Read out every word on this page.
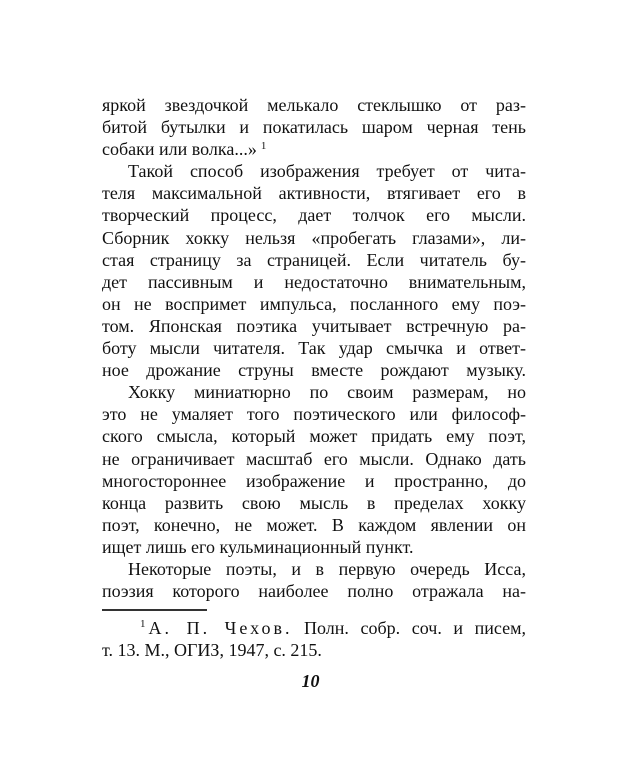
яркой звездочкой мелькало стеклышко от раз-
битой бутылки и покатилась шаром черная тень
собаки или волка...» $^1$
Такой способ изображения требует от чита-
теля максимальной активности, втягивает его в
творческий процесс, дает толчок его мысли.
Сборник хокку нельзя «пробегать глазами», ли-
стая страницу за страницей. Если читатель бу-
дет пассивным и недостаточно внимательным,
он не воспримет импульса, посланного ему поэ-
том. Японская поэтика учитывает встречную ра-
боту мысли читателя. Так удар смычка и ответ-
ное дрожание струны вместе рождают музыку.
Хокку миниатюрно по своим размерам, но
это не умаляет того поэтического или философ-
ского смысла, который может придать ему поэт,
не ограничивает масштаб его мысли. Однако дать
многостороннее изображение и пространно, до
конца развить свою мысль в пределах хокку
поэт, конечно, не может. В каждом явлении он
ищет лишь его кульминационный пункт.
Некоторые поэты, и в первую очередь Исса,
поэзия которого наиболее полно отражала на-
$^1$ А. П. Чехов. Полн. собр. соч. и писем,
т. 13. М., ОГИЗ, 1947, с. 215.
10
